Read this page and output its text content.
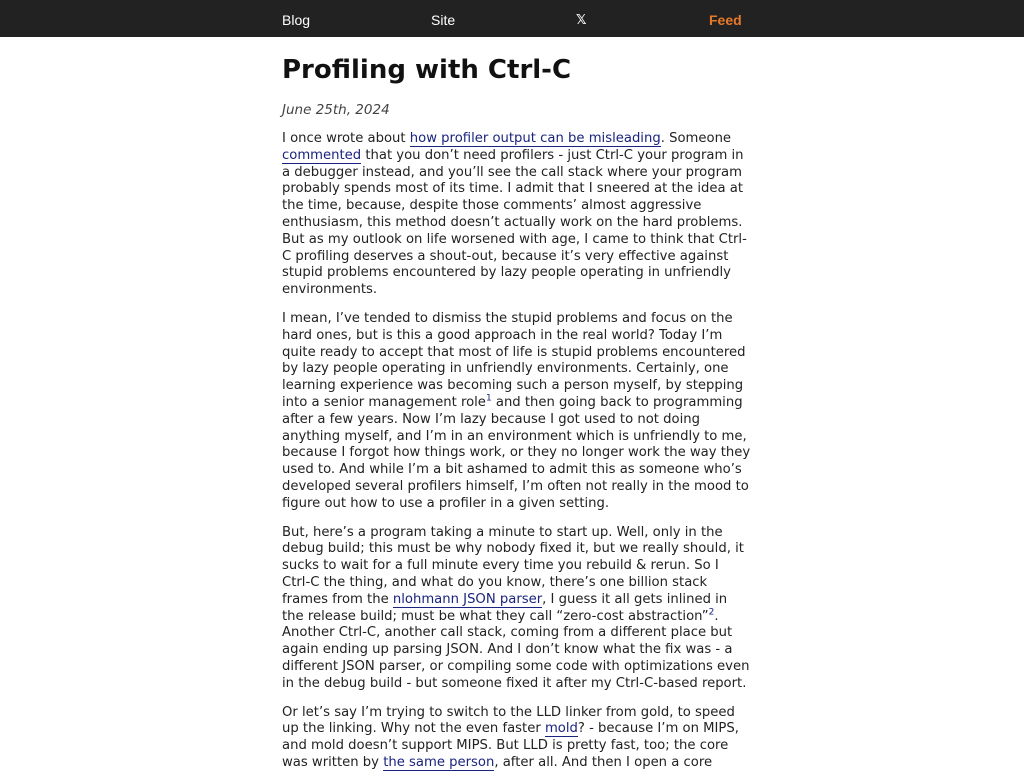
Blog	Site	𝕏	Feed
Profiling with Ctrl-C
June 25th, 2024
I once wrote about how profiler output can be misleading. Someone
commented that you don’t need profilers - just Ctrl-C your program in
a debugger instead, and you’ll see the call stack where your program
probably spends most of its time. I admit that I sneered at the idea at
the time, because, despite those comments’ almost aggressive
enthusiasm, this method doesn’t actually work on the hard problems.
But as my outlook on life worsened with age, I came to think that Ctrl-
C profiling deserves a shout-out, because it’s very effective against
stupid problems encountered by lazy people operating in unfriendly
environments.
I mean, I’ve tended to dismiss the stupid problems and focus on the
hard ones, but is this a good approach in the real world? Today I’m
quite ready to accept that most of life is stupid problems encountered
by lazy people operating in unfriendly environments. Certainly, one
learning experience was becoming such a person myself, by stepping
into a senior management role$^1$ and then going back to programming
after a few years. Now I’m lazy because I got used to not doing
anything myself, and I’m in an environment which is unfriendly to me,
because I forgot how things work, or they no longer work the way they
used to. And while I’m a bit ashamed to admit this as someone who’s
developed several profilers himself, I’m often not really in the mood to
figure out how to use a profiler in a given setting.
But, here’s a program taking a minute to start up. Well, only in the
debug build; this must be why nobody fixed it, but we really should, it
sucks to wait for a full minute every time you rebuild & rerun. So I
Ctrl-C the thing, and what do you know, there’s one billion stack
frames from the nlohmann JSON parser, I guess it all gets inlined in
the release build; must be what they call “zero-cost abstraction”$^2$.
Another Ctrl-C, another call stack, coming from a different place but
again ending up parsing JSON. And I don’t know what the fix was - a
different JSON parser, or compiling some code with optimizations even
in the debug build - but someone fixed it after my Ctrl-C-based report.
Or let’s say I’m trying to switch to the LLD linker from gold, to speed
up the linking. Why not the even faster mold? - because I’m on MIPS,
and mold doesn’t support MIPS. But LLD is pretty fast, too; the core
was written by the same person, after all. And then I open a core
